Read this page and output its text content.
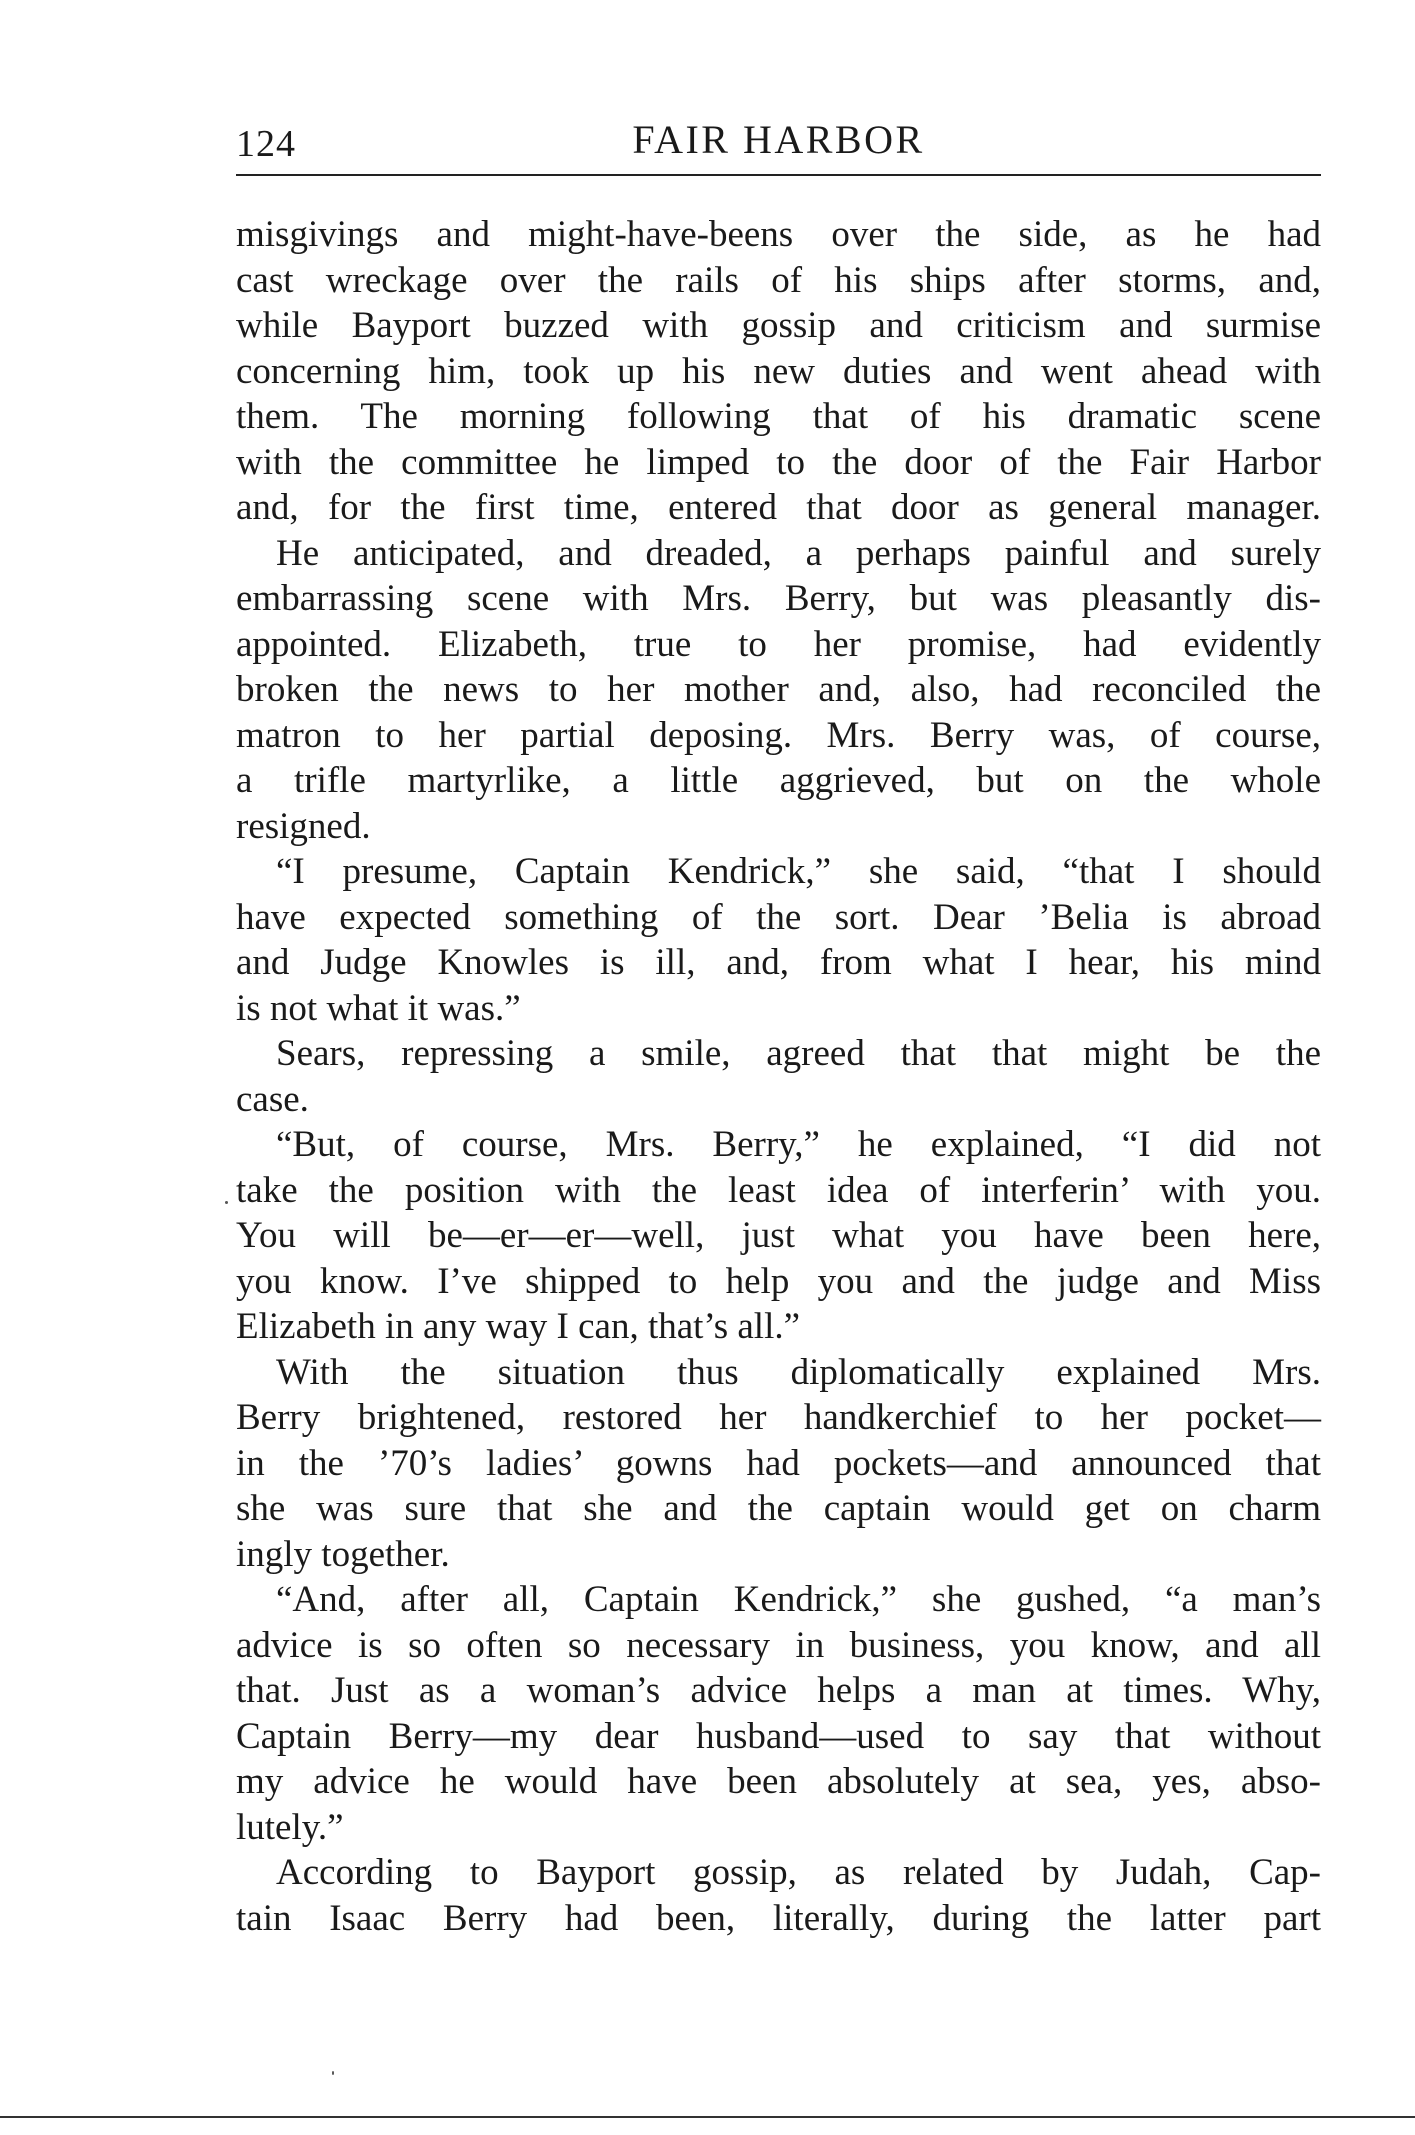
124	FAIR HARBOR
misgivings and might-have-beens over the side, as he had
cast wreckage over the rails of his ships after storms, and,
while Bayport buzzed with gossip and criticism and surmise
concerning him, took up his new duties and went ahead with
them. The morning following that of his dramatic scene
with the committee he limped to the door of the Fair Harbor
and, for the first time, entered that door as general manager.
He anticipated, and dreaded, a perhaps painful and surely
embarrassing scene with Mrs. Berry, but was pleasantly dis-
appointed. Elizabeth, true to her promise, had evidently
broken the news to her mother and, also, had reconciled the
matron to her partial deposing. Mrs. Berry was, of course,
a trifle martyrlike, a little aggrieved, but on the whole
resigned.
“I presume, Captain Kendrick,” she said, “that I should
have expected something of the sort. Dear ’Belia is abroad
and Judge Knowles is ill, and, from what I hear, his mind
is not what it was.”
Sears, repressing a smile, agreed that that might be the
case.
“But, of course, Mrs. Berry,” he explained, “I did not
take the position with the least idea of interferin’ with you.
You will be—er—er—well, just what you have been here,
you know. I’ve shipped to help you and the judge and Miss
Elizabeth in any way I can, that’s all.”
With the situation thus diplomatically explained Mrs.
Berry brightened, restored her handkerchief to her pocket—
in the ’70’s ladies’ gowns had pockets—and announced that
she was sure that she and the captain would get on charm
ingly together.
“And, after all, Captain Kendrick,” she gushed, “a man’s
advice is so often so necessary in business, you know, and all
that. Just as a woman’s advice helps a man at times. Why,
Captain Berry—my dear husband—used to say that without
my advice he would have been absolutely at sea, yes, abso-
lutely.”
According to Bayport gossip, as related by Judah, Cap-
tain Isaac Berry had been, literally, during the latter part
